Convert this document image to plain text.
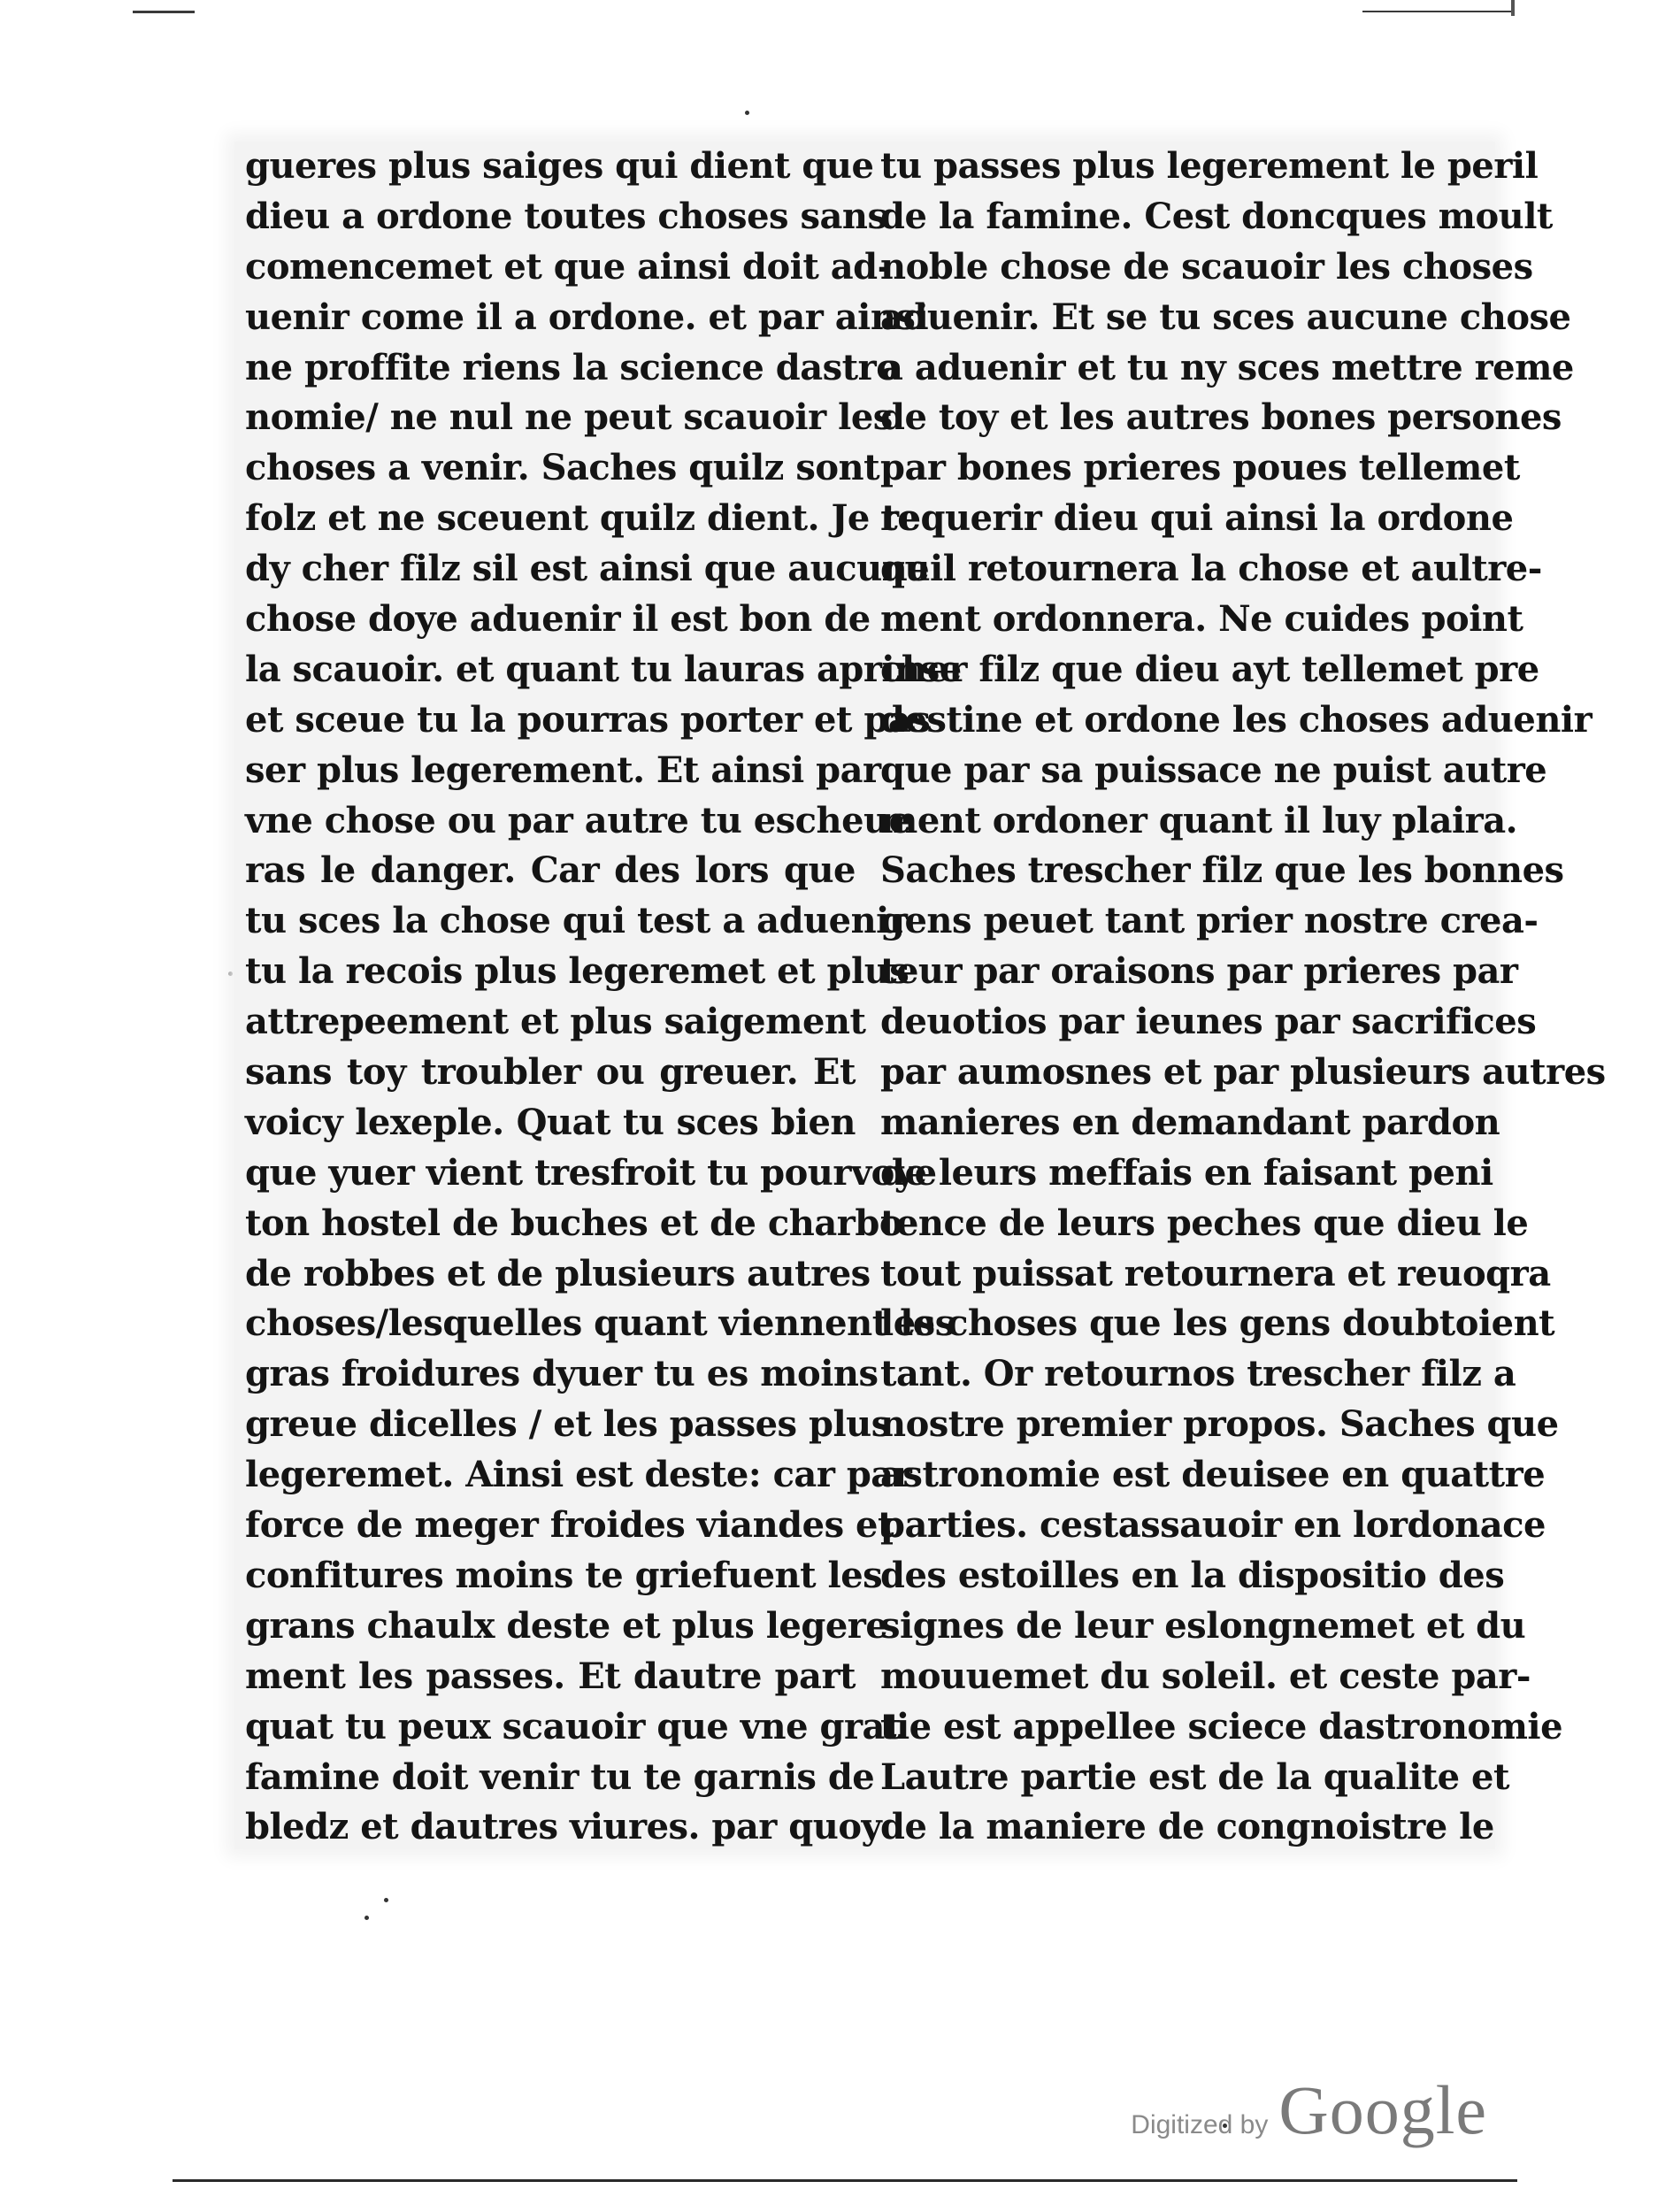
gueres plus saiges qui dient que
dieu a ordone toutes choses sans
comencemet et que ainsi doit ad-
uenir come il a ordone. et par ainsi
ne proffite riens la science dastro
nomie/ ne nul ne peut scauoir les
choses a venir. Saches quilz sont
folz et ne sceuent quilz dient. Je te
dy cher filz sil est ainsi que aucune
chose doye aduenir il est bon de
la scauoir. et quant tu lauras aprinse
et sceue tu la pourras porter et pas
ser plus legerement. Et ainsi par
vne chose ou par autre tu escheue
ras le danger. Car des lors que
tu sces la chose qui test a aduenir
tu la recois plus legeremet et plus
attrepeement et plus saigement
sans toy troubler ou greuer. Et
voicy lexeple. Quat tu sces bien
que yuer vient tresfroit tu pourvoye
ton hostel de buches et de charbo
de robbes et de plusieurs autres
choses/lesquelles quant viennent les
gras froidures dyuer tu es moins
greue dicelles / et les passes plus
legeremet. Ainsi est deste: car par
force de meger froides viandes et
confitures moins te griefuent les
grans chaulx deste et plus legere
ment les passes. Et dautre part
quat tu peux scauoir que vne grat
famine doit venir tu te garnis de
bledz et dautres viures. par quoy
tu passes plus legerement le peril
de la famine. Cest doncques moult
noble chose de scauoir les choses
aduenir. Et se tu sces aucune chose
a aduenir et tu ny sces mettre reme
de toy et les autres bones persones
par bones prieres poues tellemet
requerir dieu qui ainsi la ordone
quil retournera la chose et aultre-
ment ordonnera. Ne cuides point
cher filz que dieu ayt tellemet pre
destine et ordone les choses aduenir
que par sa puissace ne puist autre
ment ordoner quant il luy plaira.
Saches trescher filz que les bonnes
gens peuet tant prier nostre crea-
teur par oraisons par prieres par
deuotios par ieunes par sacrifices
par aumosnes et par plusieurs autres
manieres en demandant pardon
de leurs meffais en faisant peni
tence de leurs peches que dieu le
tout puissat retournera et reuoqra
les choses que les gens doubtoient
tant. Or retournos trescher filz a
nostre premier propos. Saches que
astronomie est deuisee en quattre
parties. cestassauoir en lordonace
des estoilles en la dispositio des
signes de leur eslongnemet et du
mouuemet du soleil. et ceste par-
tie est appellee sciece dastronomie
Lautre partie est de la qualite et
de la maniere de congnoistre le
Digitized by Google
